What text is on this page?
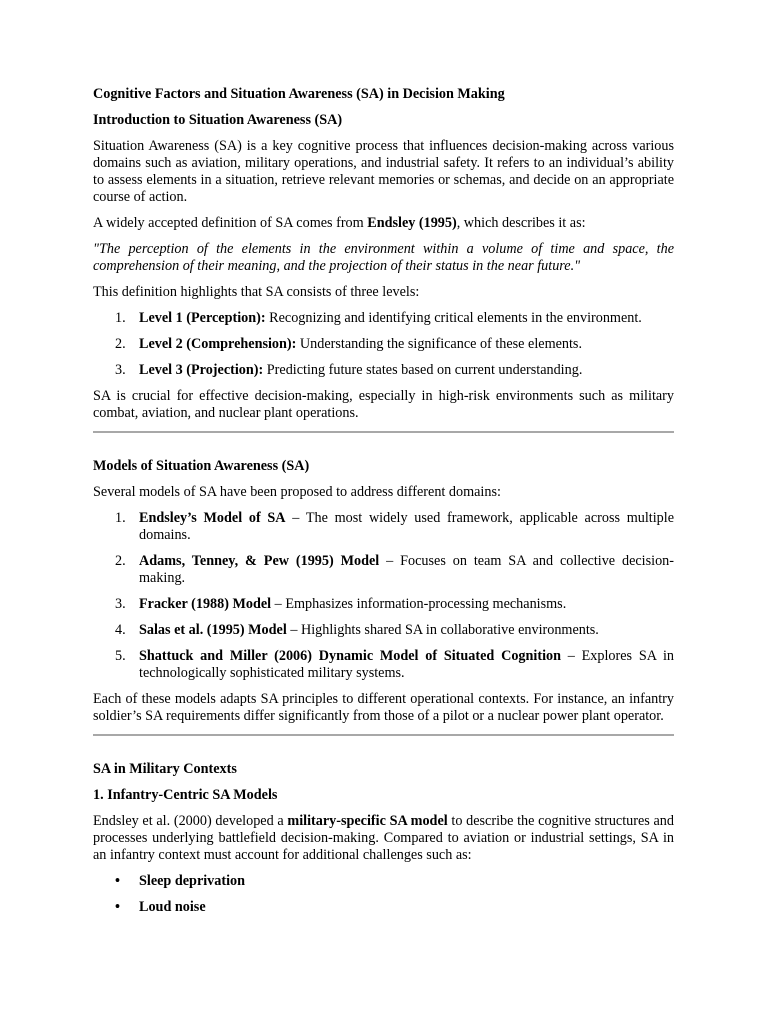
Cognitive Factors and Situation Awareness (SA) in Decision Making

Introduction to Situation Awareness (SA)

Situation Awareness (SA) is a key cognitive process that influences decision-making across various domains such as aviation, military operations, and industrial safety. It refers to an individual’s ability to assess elements in a situation, retrieve relevant memories or schemas, and decide on an appropriate course of action.

A widely accepted definition of SA comes from Endsley (1995), which describes it as:

"The perception of the elements in the environment within a volume of time and space, the comprehension of their meaning, and the projection of their status in the near future."

This definition highlights that SA consists of three levels:

1. Level 1 (Perception): Recognizing and identifying critical elements in the environment.
2. Level 2 (Comprehension): Understanding the significance of these elements.
3. Level 3 (Projection): Predicting future states based on current understanding.

SA is crucial for effective decision-making, especially in high-risk environments such as military combat, aviation, and nuclear plant operations.

Models of Situation Awareness (SA)

Several models of SA have been proposed to address different domains:

1. Endsley’s Model of SA – The most widely used framework, applicable across multiple domains.
2. Adams, Tenney, & Pew (1995) Model – Focuses on team SA and collective decision-making.
3. Fracker (1988) Model – Emphasizes information-processing mechanisms.
4. Salas et al. (1995) Model – Highlights shared SA in collaborative environments.
5. Shattuck and Miller (2006) Dynamic Model of Situated Cognition – Explores SA in technologically sophisticated military systems.

Each of these models adapts SA principles to different operational contexts. For instance, an infantry soldier’s SA requirements differ significantly from those of a pilot or a nuclear power plant operator.

SA in Military Contexts

1. Infantry-Centric SA Models

Endsley et al. (2000) developed a military-specific SA model to describe the cognitive structures and processes underlying battlefield decision-making. Compared to aviation or industrial settings, SA in an infantry context must account for additional challenges such as:

• Sleep deprivation
• Loud noise
